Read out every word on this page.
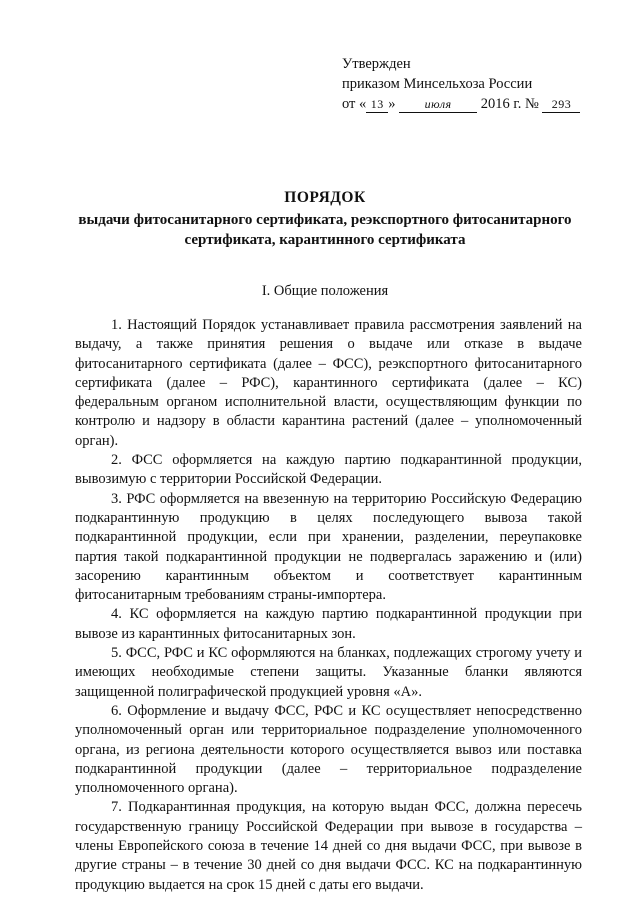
Утвержден
приказом Минсельхоза России
от « 13 » июля 2016 г. № 293
ПОРЯДОК
выдачи фитосанитарного сертификата, реэкспортного фитосанитарного сертификата, карантинного сертификата
I. Общие положения

1. Настоящий Порядок устанавливает правила рассмотрения заявлений на выдачу, а также принятия решения о выдаче или отказе в выдаче фитосанитарного сертификата (далее – ФСС), реэкспортного фитосанитарного сертификата (далее – РФС), карантинного сертификата (далее – КС) федеральным органом исполнительной власти, осуществляющим функции по контролю и надзору в области карантина растений (далее – уполномоченный орган).

2. ФСС оформляется на каждую партию подкарантинной продукции, вывозимую с территории Российской Федерации.

3. РФС оформляется на ввезенную на территорию Российскую Федерацию подкарантинную продукцию в целях последующего вывоза такой подкарантинной продукции, если при хранении, разделении, переупаковке партия такой подкарантинной продукции не подвергалась заражению и (или) засорению карантинным объектом и соответствует карантинным фитосанитарным требованиям страны-импортера.

4. КС оформляется на каждую партию подкарантинной продукции при вывозе из карантинных фитосанитарных зон.

5. ФСС, РФС и КС оформляются на бланках, подлежащих строгому учету и имеющих необходимые степени защиты. Указанные бланки являются защищенной полиграфической продукцией уровня «А».

6. Оформление и выдачу ФСС, РФС и КС осуществляет непосредственно уполномоченный орган или территориальное подразделение уполномоченного органа, из региона деятельности которого осуществляется вывоз или поставка подкарантинной продукции (далее – территориальное подразделение уполномоченного органа).

7. Подкарантинная продукция, на которую выдан ФСС, должна пересечь государственную границу Российской Федерации при вывозе в государства – члены Европейского союза в течение 14 дней со дня выдачи ФСС, при вывозе в другие страны – в течение 30 дней со дня выдачи ФСС. КС на подкарантинную продукцию выдается на срок 15 дней с даты его выдачи.
